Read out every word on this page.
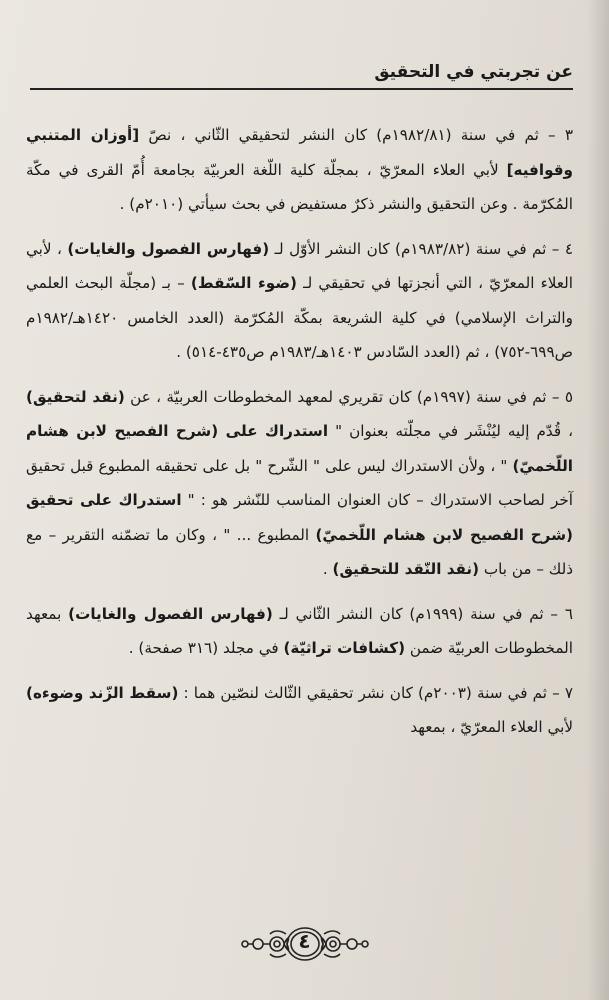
عن تجربتي في التحقيق

٣ – ثم في سنة (١٩٨٢/٨١م) كان النشر لتحقيقي الثّاني ، نصّ [أوزان المتنبي وقوافيه] لأبي العلاء المعرّيّ ، بمجلّة كلية اللّغة العربيّة بجامعة أُمّ القرى في مكّة المُكرّمة . وعن التحقيق والنشر ذكرٌ مستفيض في بحث سيأتي (٢٠١٠م) .

٤ – ثم في سنة (١٩٨٣/٨٢م) كان النشر الأوّل لـ (فهارس الفصول والغايات) ، لأبي العلاء المعرّيّ ، التي أنجزتها في تحقيقي لـ (ضوء السّقط) – بـ (مجلّة البحث العلمي والتراث الإسلامي) في كلية الشريعة بمكّة المُكرّمة (العدد الخامس ١٤٢٠هـ/١٩٨٢م ص٦٩٩-٧٥٢) ، ثم (العدد السّادس ١٤٠٣هـ/١٩٨٣م ص٤٣٥-٥١٤) .

٥ – ثم في سنة (١٩٩٧م) كان تقريري لمعهد المخطوطات العربيّة ، عن (نقد لتحقيق) ، قُدّم إليه ليُنْشَر في مجلّته بعنوان " استدراك على (شرح الفصيح لابن هشام اللّخميّ) " ، ولأن الاستدراك ليس على " الشّرح " بل على تحقيقه المطبوع قبل تحقيق آخر لصاحب الاستدراك – كان العنوان المناسب للنّشر هو : " استدراك على تحقيق (شرح الفصيح لابن هشام اللّخميّ) المطبوع ... " ، وكان ما تضمّنه التقرير – مع ذلك – من باب (نقد النّقد للتحقيق) .

٦ – ثم في سنة (١٩٩٩م) كان النشر الثّاني لـ (فهارس الفصول والغايات) بمعهد المخطوطات العربيّة ضمن (كشافات تراثيّة) في مجلد (٣١٦ صفحة) .

٧ – ثم في سنة (٢٠٠٣م) كان نشر تحقيقي الثّالث لنصّين هما : (سقط الزّند وضوءه) لأبي العلاء المعرّيّ ، بمعهد

٤
